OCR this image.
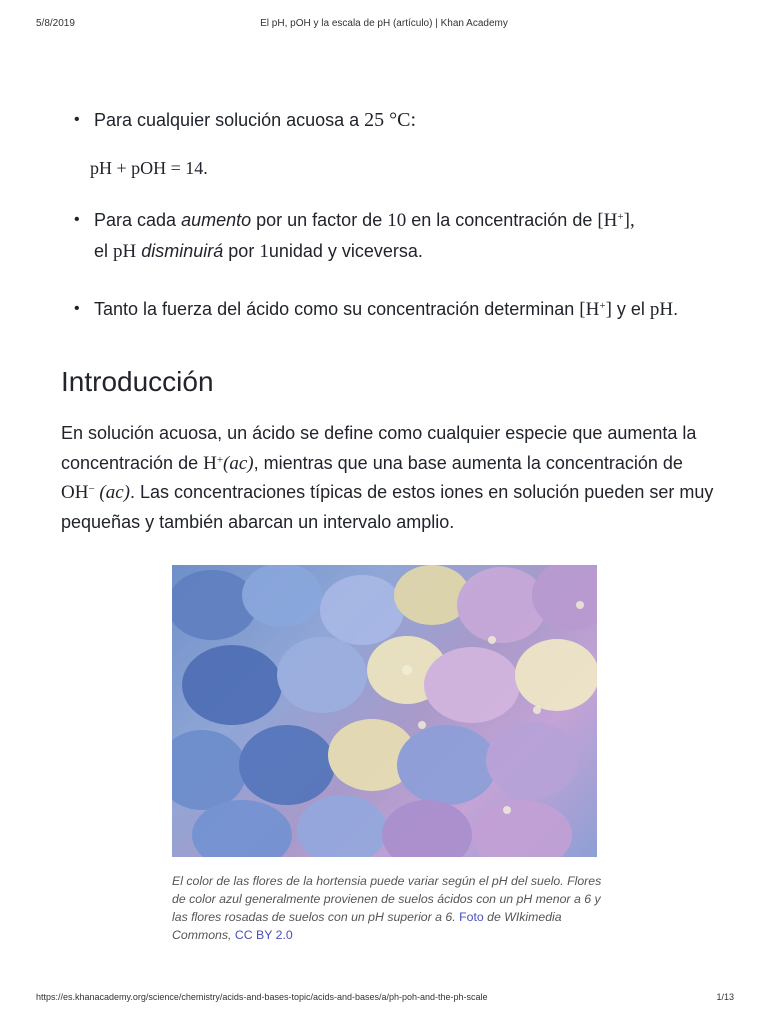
5/8/2019	El pH, pOH y la escala de pH (artículo) | Khan Academy
• Para cualquier solución acuosa a 25 °C:
pH + pOH = 14.
• Para cada aumento por un factor de 10 en la concentración de [H+],
el pH disminuirá por 1unidad y viceversa.
• Tanto la fuerza del ácido como su concentración determinan [H+] y el pH.
Introducción

En solución acuosa, un ácido se define como cualquier especie que aumenta la concentración de H+(ac), mientras que una base aumenta la concentración de OH− (ac). Las concentraciones típicas de estos iones en solución pueden ser muy pequeñas y también abarcan un intervalo amplio.

El color de las flores de la hortensia puede variar según el pH del suelo. Flores de color azul generalmente provienen de suelos ácidos con un pH menor a 6 y las flores rosadas de suelos con un pH superior a 6. Foto de WIkimedia Commons, CC BY 2.0

https://es.khanacademy.org/science/chemistry/acids-and-bases-topic/acids-and-bases/a/ph-poh-and-the-ph-scale	1/13
